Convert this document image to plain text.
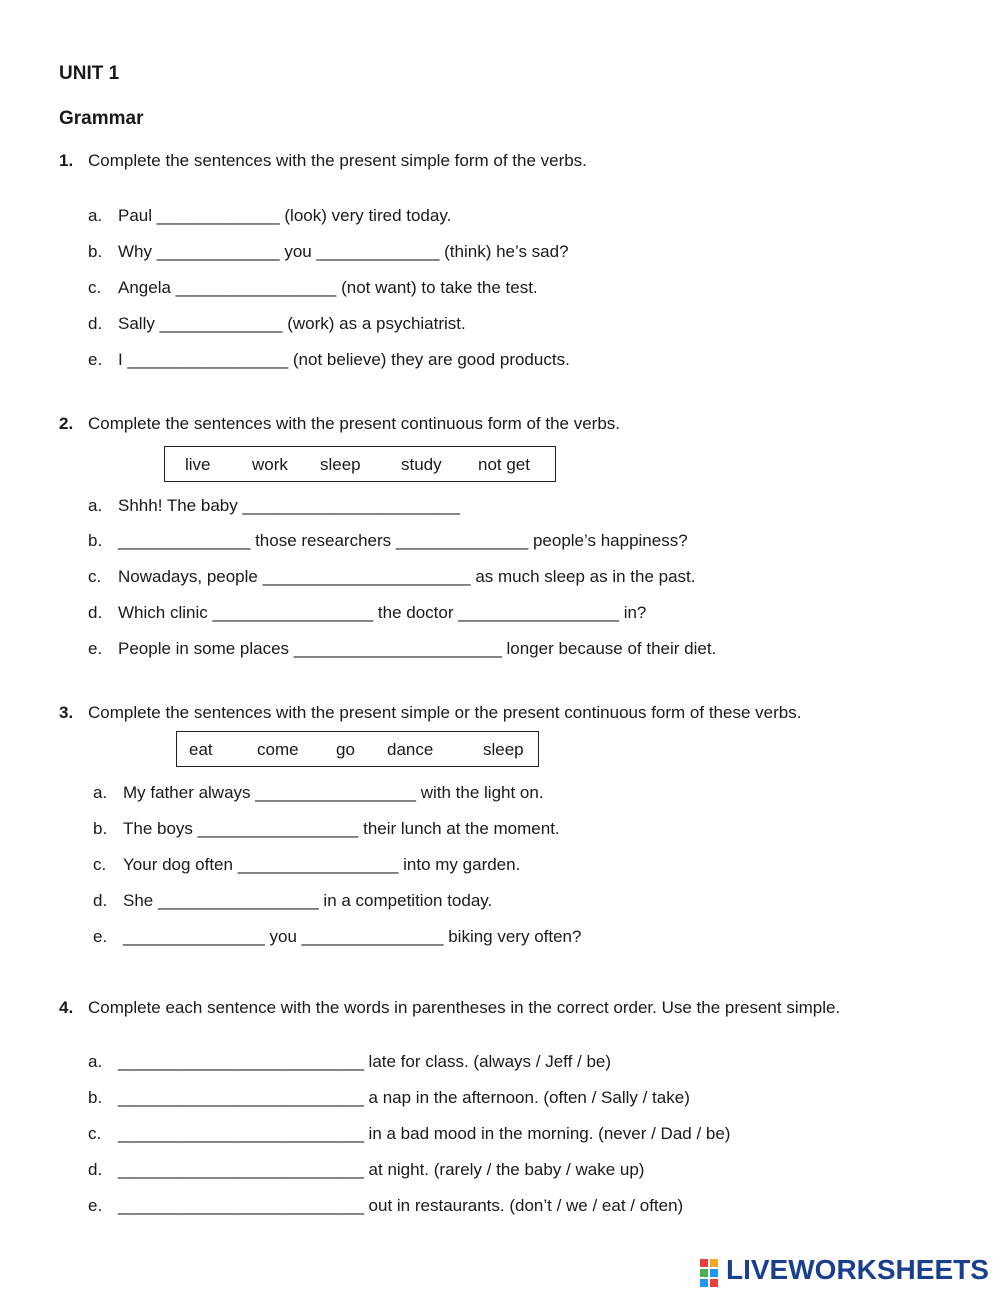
UNIT 1
Grammar
1. Complete the sentences with the present simple form of the verbs.
a. Paul _____________ (look) very tired today.
b. Why _____________ you _____________ (think) he’s sad?
c. Angela _________________ (not want) to take the test.
d. Sally _____________ (work) as a psychiatrist.
e. I _________________ (not believe) they are good products.
2. Complete the sentences with the present continuous form of the verbs.
live work sleep study not get
a. Shhh! The baby _______________________
b. ______________ those researchers ______________ people’s happiness?
c. Nowadays, people ______________________ as much sleep as in the past.
d. Which clinic _________________ the doctor _________________ in?
e. People in some places ______________________ longer because of their diet.
3. Complete the sentences with the present simple or the present continuous form of these verbs.
eat	come go dance	sleep
a. My father always _________________ with the light on.
b. The boys _________________ their lunch at the moment.
c. Your dog often _________________ into my garden.
d. She _________________ in a competition today.
e. _______________ you _______________ biking very often?
4. Complete each sentence with the words in parentheses in the correct order. Use the present simple.
a. __________________________ late for class. (always / Jeff / be)
b. __________________________ a nap in the afternoon. (often / Sally / take)
c. __________________________ in a bad mood in the morning. (never / Dad / be)
d. __________________________ at night. (rarely / the baby / wake up)
e. __________________________ out in restaurants. (don’t / we / eat / often)
LIVEWORKSHEETS
